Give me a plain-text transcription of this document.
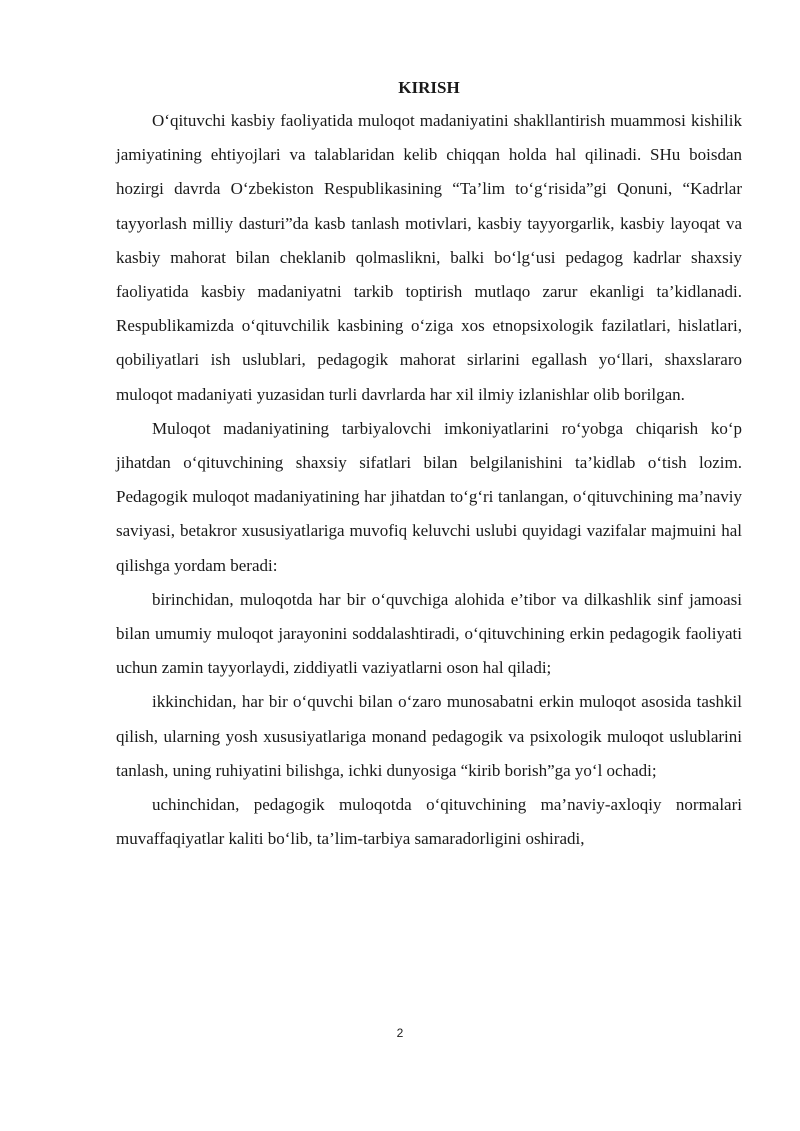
KIRISH

O‘qituvchi kasbiy faoliyatida muloqot madaniyatini shakllantirish muammosi kishilik jamiyatining ehtiyojlari va talablaridan kelib chiqqan holda hal qilinadi. SHu boisdan hozirgi davrda O‘zbekiston Respublikasining “Ta’lim to‘g‘risida”gi Qonuni, “Kadrlar tayyorlash milliy dasturi”da kasb tanlash motivlari, kasbiy tayyorgarlik, kasbiy layoqat va kasbiy mahorat bilan cheklanib qolmaslikni, balki bo‘lg‘usi pedagog kadrlar shaxsiy faoliyatida kasbiy madaniyatni tarkib toptirish mutlaqo zarur ekanligi ta’kidlanadi. Respublikamizda o‘qituvchilik kasbining o‘ziga xos etnopsixologik fazilatlari, hislatlari, qobiliyatlari ish uslublari, pedagogik mahorat sirlarini egallash yo‘llari, shaxslararo muloqot madaniyati yuzasidan turli davrlarda har xil ilmiy izlanishlar olib borilgan.

Muloqot madaniyatining tarbiyalovchi imkoniyatlarini ro‘yobga chiqarish ko‘p jihatdan o‘qituvchining shaxsiy sifatlari bilan belgilanishini ta’kidlab o‘tish lozim. Pedagogik muloqot madaniyatining har jihatdan to‘g‘ri tanlangan, o‘qituvchining ma’naviy saviyasi, betakror xususiyatlariga muvofiq keluvchi uslubi quyidagi vazifalar majmuini hal qilishga yordam beradi:

birinchidan, muloqotda har bir o‘quvchiga alohida e’tibor va dilkashlik sinf jamoasi bilan umumiy muloqot jarayonini soddalashtiradi, o‘qituvchining erkin pedagogik faoliyati uchun zamin tayyorlaydi, ziddiyatli vaziyatlarni oson hal qiladi;

ikkinchidan, har bir o‘quvchi bilan o‘zaro munosabatni erkin muloqot asosida tashkil qilish, ularning yosh xususiyatlariga monand pedagogik va psixologik muloqot uslublarini tanlash, uning ruhiyatini bilishga, ichki dunyosiga “kirib borish”ga yo‘l ochadi;

uchinchidan, pedagogik muloqotda o‘qituvchining ma’naviy-axloqiy normalari muvaffaqiyatlar kaliti bo‘lib, ta’lim-tarbiya samaradorligini oshiradi,

2
